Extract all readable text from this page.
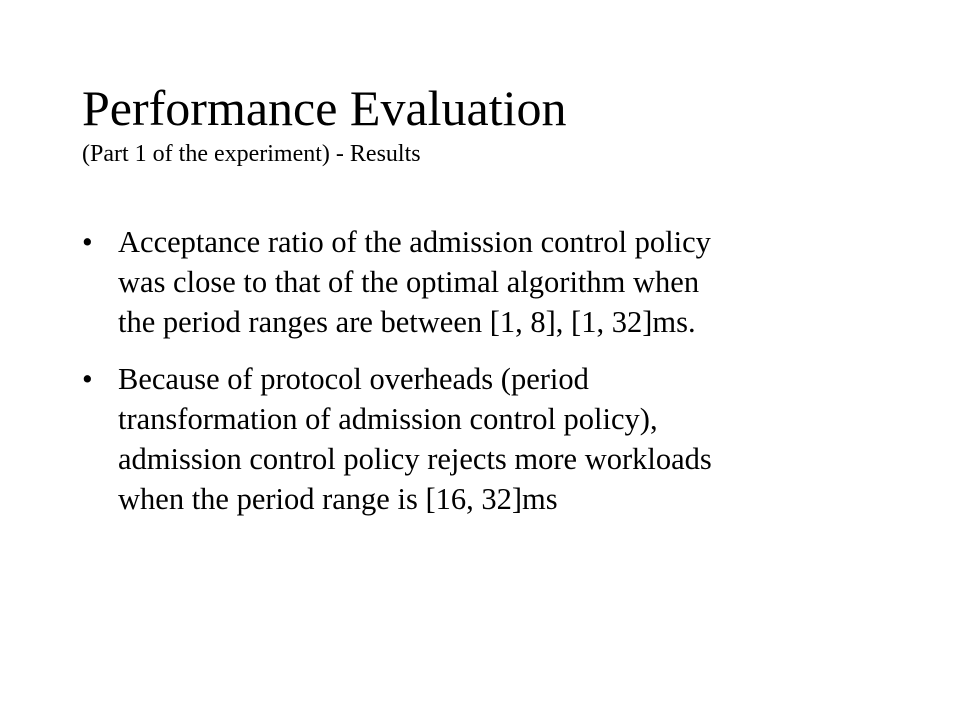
Performance Evaluation
(Part 1 of the experiment) - Results
• Acceptance ratio of the admission control policy
was close to that of the optimal algorithm when
the period ranges are between [1, 8], [1, 32]ms.
• Because of protocol overheads (period
transformation of admission control policy),
admission control policy rejects more workloads
when the period range is [16, 32]ms
